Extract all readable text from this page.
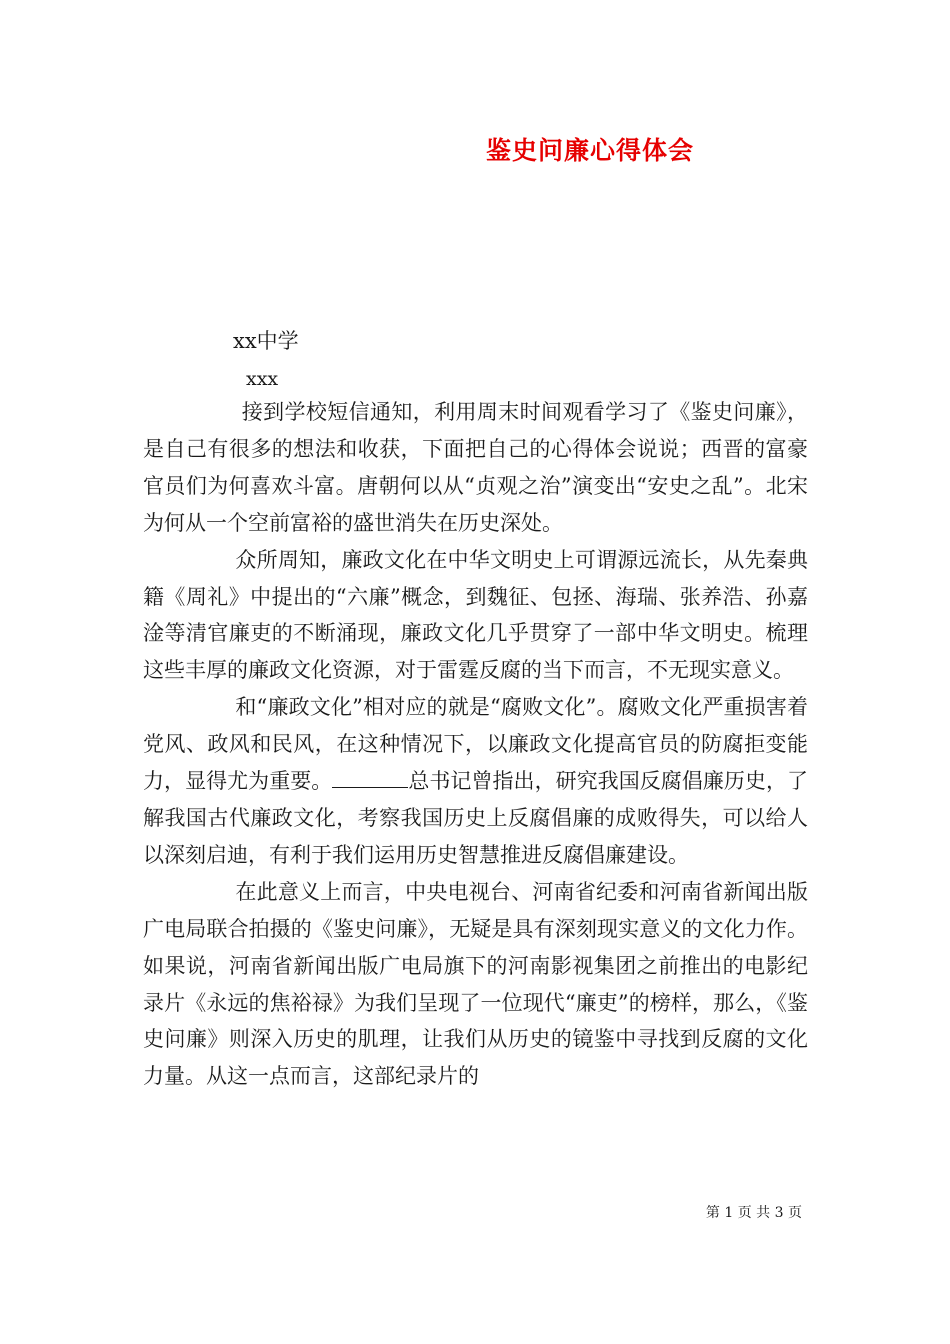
鉴史问廉心得体会
xx中学
xxx

接到学校短信通知，利用周末时间观看学习了《鉴史问廉》，是自己有很多的想法和收获，下面把自己的心得体会说说；西晋的富豪官员们为何喜欢斗富。唐朝何以从“贞观之治”演变出“安史之乱”。北宋为何从一个空前富裕的盛世消失在历史深处。

众所周知，廉政文化在中华文明史上可谓源远流长，从先秦典籍《周礼》中提出的“六廉”概念，到魏征、包拯、海瑞、张养浩、孙嘉淦等清官廉吏的不断涌现，廉政文化几乎贯穿了一部中华文明史。梳理这些丰厚的廉政文化资源，对于雷霆反腐的当下而言，不无现实意义。

和“廉政文化”相对应的就是“腐败文化”。腐败文化严重损害着党风、政风和民风，在这种情况下，以廉政文化提高官员的防腐拒变能力，显得尤为重要。	总书记曾指出，研究我国反腐倡廉历史，了解我国古代廉政文化，考察我国历史上反腐倡廉的成败得失，可以给人以深刻启迪，有利于我们运用历史智慧推进反腐倡廉建设。

在此意义上而言，中央电视台、河南省纪委和河南省新闻出版广电局联合拍摄的《鉴史问廉》，无疑是具有深刻现实意义的文化力作。如果说，河南省新闻出版广电局旗下的河南影视集团之前推出的电影纪录片《永远的焦裕禄》为我们呈现了一位现代“廉吏”的榜样，那么，《鉴史问廉》则深入历史的肌理，让我们从历史的镜鉴中寻找到反腐的文化力量。从这一点而言，这部纪录片的

第 1 页 共 3 页
